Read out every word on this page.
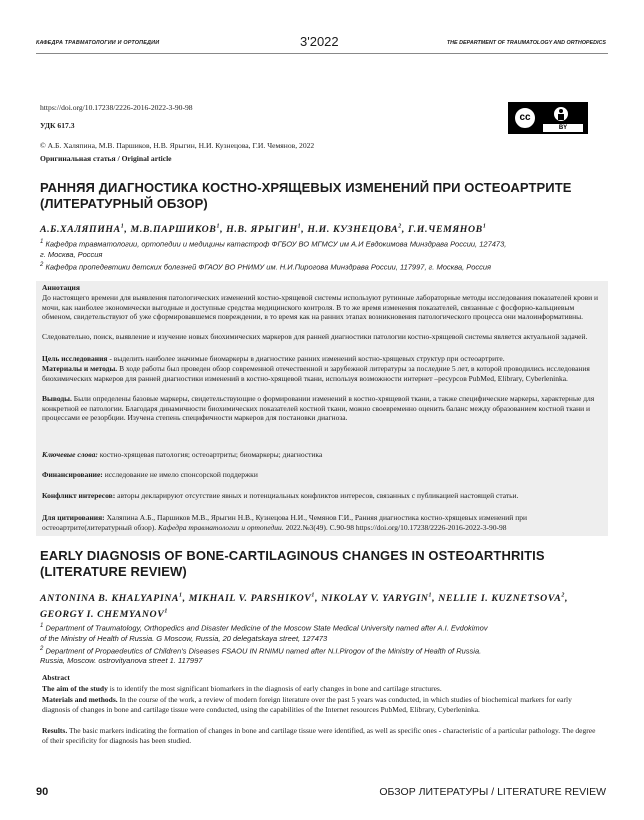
КАФЕДРА ТРАВМАТОЛОГИИ И ОРТОПЕДИИ	3'2022	THE DEPARTMENT OF TRAUMATOLOGY AND ORTHOPEDICS
https://doi.org/10.17238/2226-2016-2022-3-90-98
УДК 617.3
© А.Б. Халяпина, М.В. Паршиков, Н.В. Ярыгин, Н.И. Кузнецова, Г.И. Чемянов, 2022
Оригинальная статья / Original article
cc
BY
РАННЯЯ ДИАГНОСТИКА КОСТНО-ХРЯЩЕВЫХ ИЗМЕНЕНИЙ ПРИ ОСТЕОАРТРИТЕ
(ЛИТЕРАТУРНЫЙ ОБЗОР)
А.Б.ХАЛЯПИНА$^1$, М.В.ПАРШИКОВ$^1$, Н.В. ЯРЫГИН$^1$, Н.И. КУЗНЕЦОВА$^2$, Г.И.ЧЕМЯНОВ$^1$
$^1$ Кафедра травматологии, ортопедии и медицины катастроф ФГБОУ ВО МГМСУ им А.И Евдокимова Минздрава России, 127473,
г. Москва, Россия
$^2$ Кафедра пропедевтики детских болезней ФГАОУ ВО РНИМУ им. Н.И.Пирогова Минздрава России, 117997, г. Москва, Россия
Аннотация

До настоящего времени для выявления патологических изменений костно-хрящевой системы используют рутинные лабораторные методы исследования показателей крови и мочи, как наиболее экономически выгодные и доступные средства медицинского контроля. В то же время изменения показателей, связанные с фосфорно-кальциевым обменом, свидетельствуют об уже сформировавшемся повреждении, в то время как на ранних этапах возникновения патологического процесса они малоинформативны.

Следовательно, поиск, выявление и изучение новых биохимических маркеров для ранней диагностики патологии костно-хрящевой системы является актуальной задачей.

Цель исследования - выделить наиболее значимые биомаркеры в диагностике ранних изменений костно-хрящевых структур при остеоартрите.

Материалы и методы. В ходе работы был проведен обзор современной отечественной и зарубежной литературы за последние 5 лет, в которой проводились исследования биохимических маркеров для ранней диагностики изменений в костно-хрящевой ткани, используя возможности интернет –ресурсов PubMed, Elibrary, Cyberleninka.

Выводы. Были определены базовые маркеры, свидетельствующие о формировании изменений в костно-хрящевой ткани, а также специфические маркеры, характерные для конкретной ее патологии. Благодаря динамичности биохимических показателей костной ткани, можно своевременно оценить баланс между образованием костной ткани и процессами ее резорбции. Изучена степень специфичности маркеров для постановки диагноза.

Ключевые слова: костно-хрящевая патология; остеоартриты; биомаркеры; диагностика

Финансирование: исследование не имело спонсорской поддержки

Конфликт интересов: авторы декларируют отсутствие явных и потенциальных конфликтов интересов, связанных с публикацией настоящей статьи.

Для цитирования: Халяпина А.Б., Паршиков М.В., Ярыгин Н.В., Кузнецова Н.И., Чемянов Г.И., Ранняя диагностика костно-хрящевых изменений при остеоартрите(литературный обзор). Кафедра травматологии и ортопедии. 2022.№3(49). С.90-98 https://doi.org/10.17238/2226-2016-2022-3-90-98

EARLY DIAGNOSIS OF BONE-CARTILAGINOUS CHANGES IN OSTEOARTHRITIS
(LITERATURE REVIEW)
ANTONINA B. KHALYAPINA$^1$, MIKHAIL V. PARSHIKOV$^1$, NIKOLAY V. YARYGIN$^1$, NELLIE I. KUZNETSOVA$^2$,
GEORGY I. CHEMYANOV$^1$
$^1$ Department of Traumatology, Orthopedics and Disaster Medicine of the Moscow State Medical University named after A.I. Evdokimov
of the Ministry of Health of Russia. G Moscow, Russia, 20 delegatskaya street, 127473
$^2$ Department of Propaedeutics of Children's Diseases FSAOU IN RNIMU named after N.I.Pirogov of the Ministry of Health of Russia.
Russia, Moscow. ostrovityanova street 1. 117997
Abstract

The aim of the study is to identify the most significant biomarkers in the diagnosis of early changes in bone and cartilage structures.

Materials and methods. In the course of the work, a review of modern foreign literature over the past 5 years was conducted, in which studies of biochemical markers for early diagnosis of changes in bone and cartilage tissue were conducted, using the capabilities of the Internet resources PubMed, Elibrary, Cyberleninka.

Results. The basic markers indicating the formation of changes in bone and cartilage tissue were identified, as well as specific ones - characteristic of a particular pathology. The degree of their specificity for diagnosis has been studied.

90	ОБЗОР ЛИТЕРАТУРЫ / LITERATURE REVIEW
